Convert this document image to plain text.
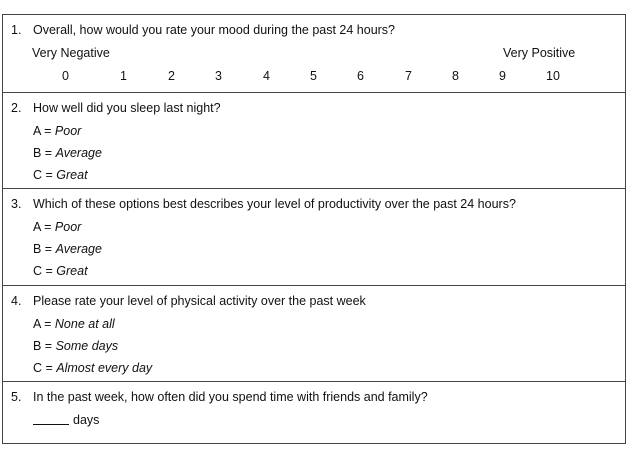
1. Overall, how would you rate your mood during the past 24 hours?
Very Negative	Very Positive
0	1	2	3	4	5	6	7	8	9	10
2. How well did you sleep last night?
A = Poor
B = Average
C = Great
3. Which of these options best describes your level of productivity over the past 24 hours?
A = Poor
B = Average
C = Great
4. Please rate your level of physical activity over the past week
A = None at all
B = Some days
C = Almost every day
5. In the past week, how often did you spend time with friends and family?
days
